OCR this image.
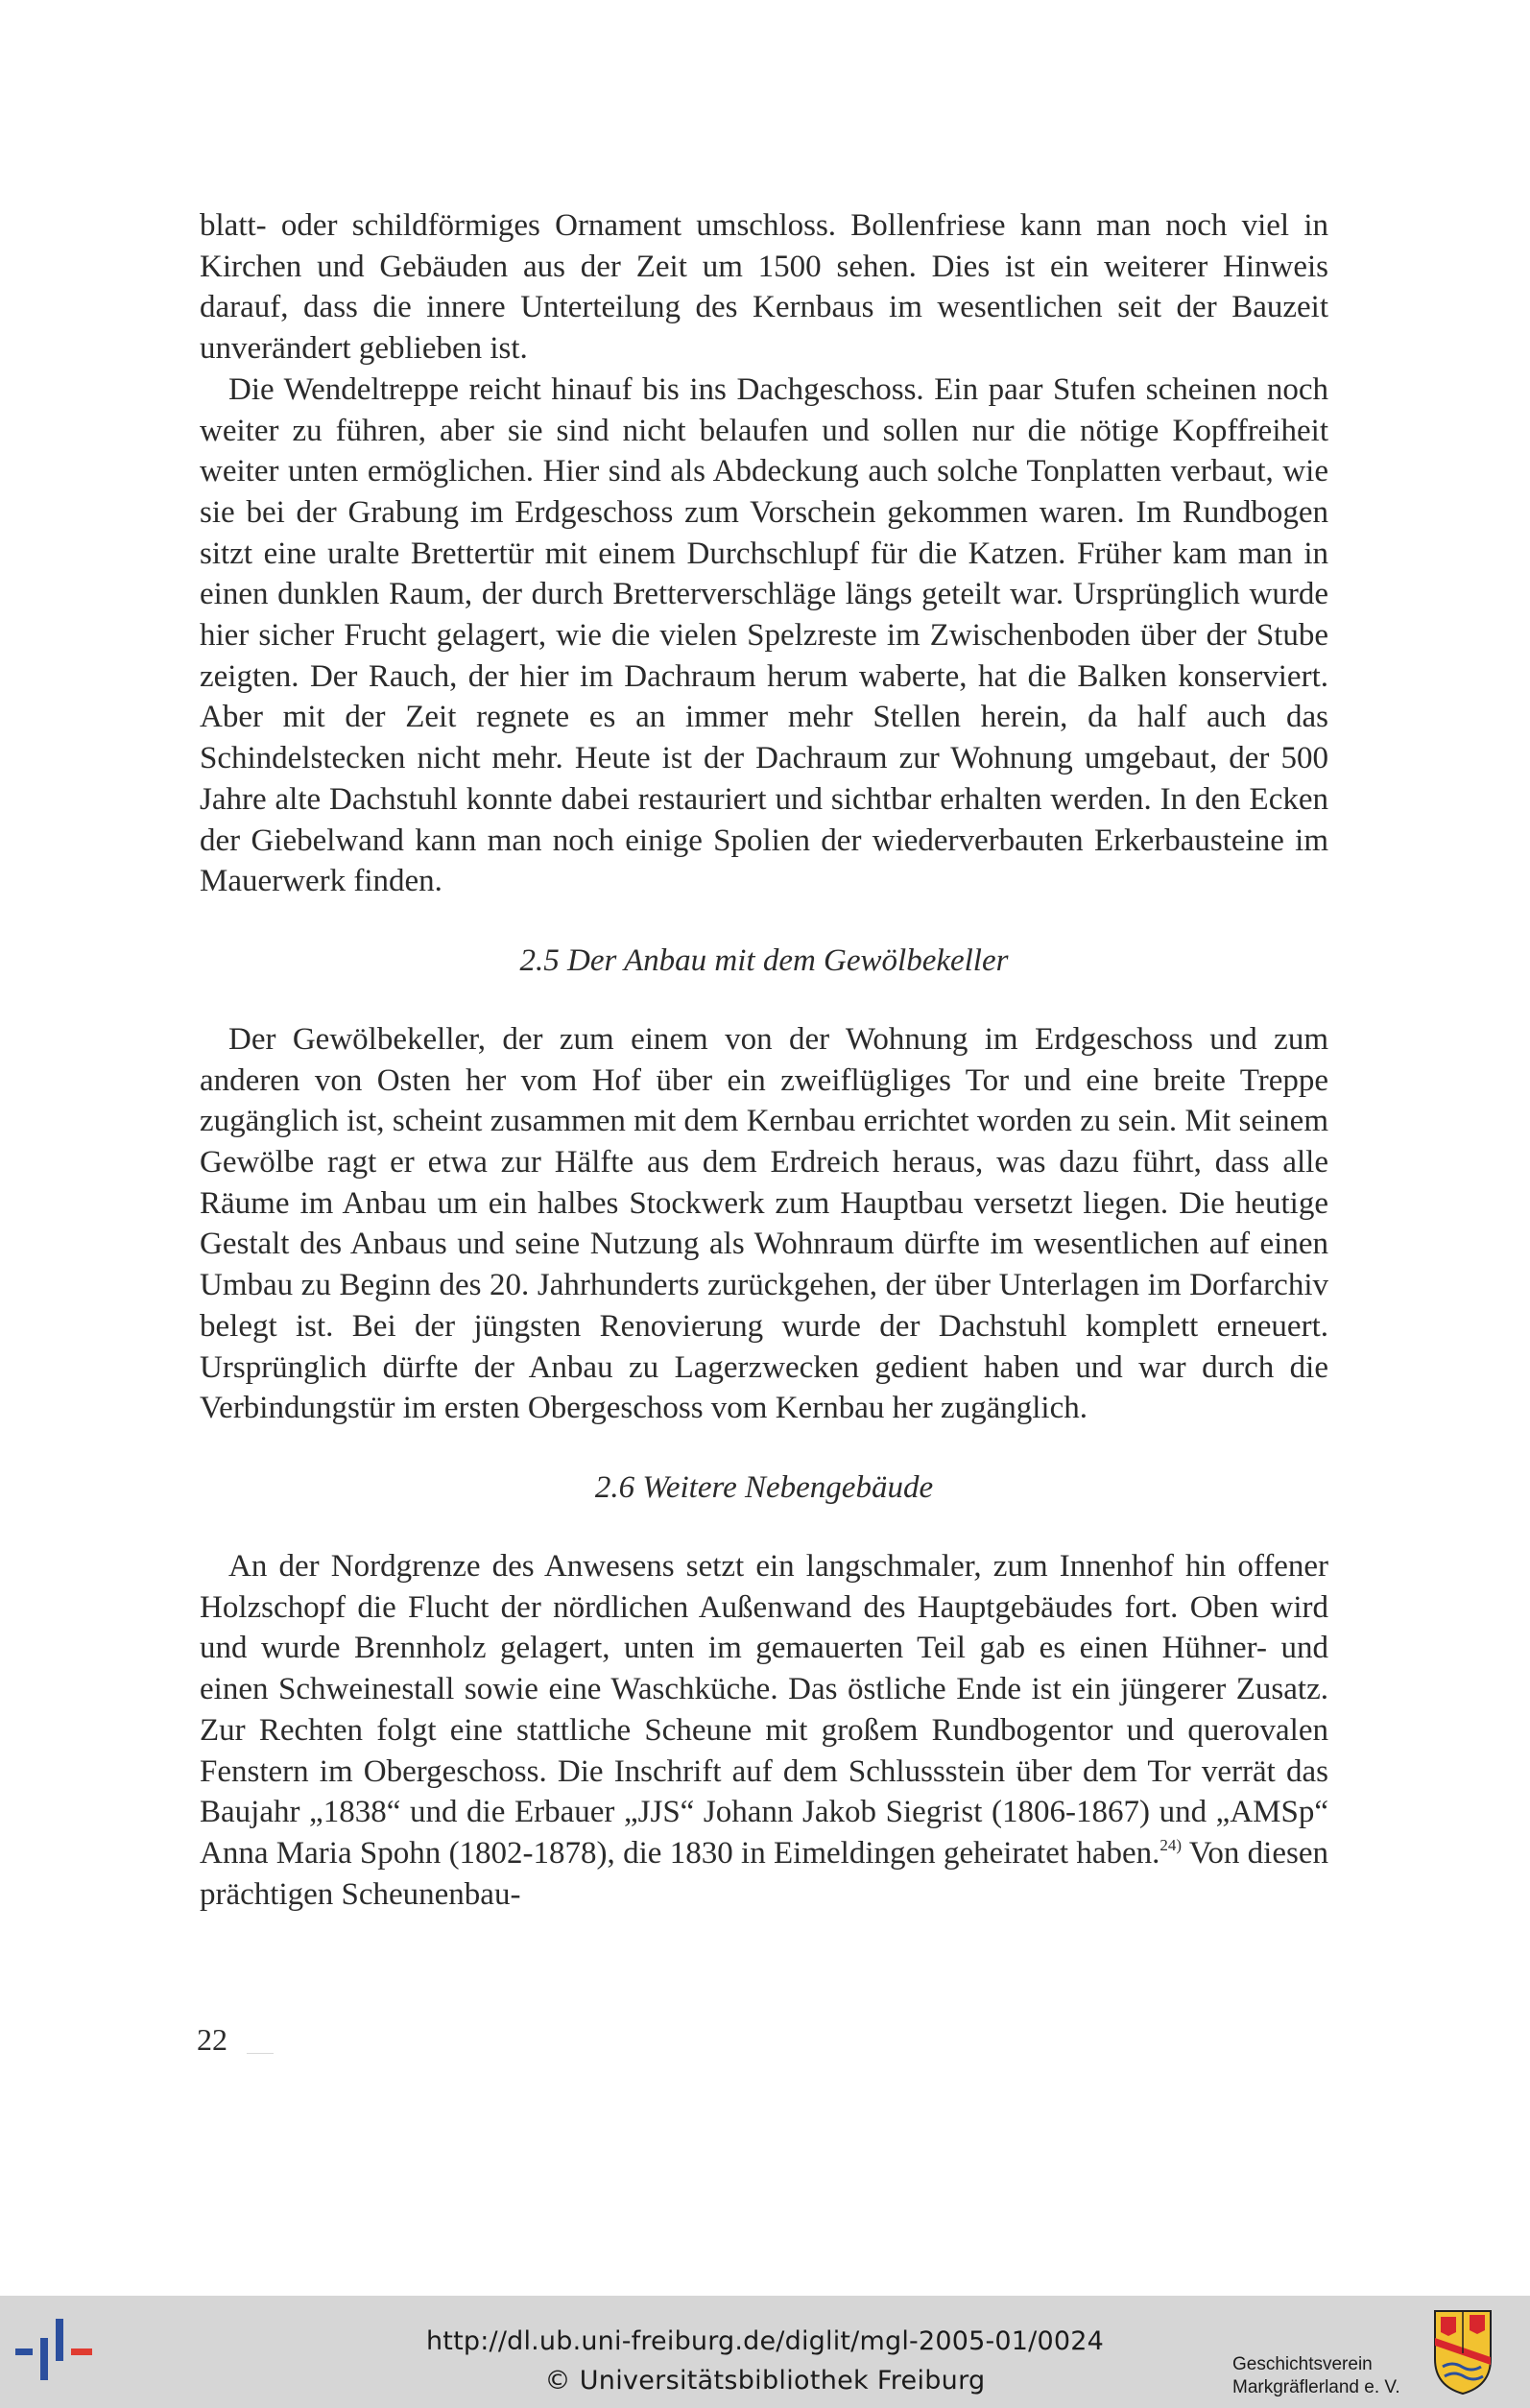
blatt- oder schildförmiges Ornament umschloss. Bollenfriese kann man noch viel in Kirchen und Gebäuden aus der Zeit um 1500 sehen. Dies ist ein weiterer Hinweis darauf, dass die innere Unterteilung des Kernbaus im wesentlichen seit der Bauzeit unverändert geblieben ist.

Die Wendeltreppe reicht hinauf bis ins Dachgeschoss. Ein paar Stufen scheinen noch weiter zu führen, aber sie sind nicht belaufen und sollen nur die nötige Kopffreiheit weiter unten ermöglichen. Hier sind als Abdeckung auch solche Tonplatten verbaut, wie sie bei der Grabung im Erdgeschoss zum Vorschein gekommen waren. Im Rundbogen sitzt eine uralte Brettertür mit einem Durchschlupf für die Katzen. Früher kam man in einen dunklen Raum, der durch Bretterverschläge längs geteilt war. Ursprünglich wurde hier sicher Frucht gelagert, wie die vielen Spelzreste im Zwischenboden über der Stube zeigten. Der Rauch, der hier im Dachraum herum waberte, hat die Balken konserviert. Aber mit der Zeit regnete es an immer mehr Stellen herein, da half auch das Schindelstecken nicht mehr. Heute ist der Dachraum zur Wohnung umgebaut, der 500 Jahre alte Dachstuhl konnte dabei restauriert und sichtbar erhalten werden. In den Ecken der Giebelwand kann man noch einige Spolien der wiederverbauten Erkerbausteine im Mauerwerk finden.

2.5 Der Anbau mit dem Gewölbekeller

Der Gewölbekeller, der zum einem von der Wohnung im Erdgeschoss und zum anderen von Osten her vom Hof über ein zweiflügliges Tor und eine breite Treppe zugänglich ist, scheint zusammen mit dem Kernbau errichtet worden zu sein. Mit seinem Gewölbe ragt er etwa zur Hälfte aus dem Erdreich heraus, was dazu führt, dass alle Räume im Anbau um ein halbes Stockwerk zum Hauptbau versetzt liegen. Die heutige Gestalt des Anbaus und seine Nutzung als Wohnraum dürfte im wesentlichen auf einen Umbau zu Beginn des 20. Jahrhunderts zurückgehen, der über Unterlagen im Dorfarchiv belegt ist. Bei der jüngsten Renovierung wurde der Dachstuhl komplett erneuert. Ursprünglich dürfte der Anbau zu Lagerzwecken gedient haben und war durch die Verbindungstür im ersten Obergeschoss vom Kernbau her zugänglich.

2.6 Weitere Nebengebäude

An der Nordgrenze des Anwesens setzt ein langschmaler, zum Innenhof hin offener Holzschopf die Flucht der nördlichen Außenwand des Hauptgebäudes fort. Oben wird und wurde Brennholz gelagert, unten im gemauerten Teil gab es einen Hühner- und einen Schweinestall sowie eine Waschküche. Das östliche Ende ist ein jüngerer Zusatz. Zur Rechten folgt eine stattliche Scheune mit großem Rundbogentor und querovalen Fenstern im Obergeschoss. Die Inschrift auf dem Schlussstein über dem Tor verrät das Baujahr „1838“ und die Erbauer „JJS“ Johann Jakob Siegrist (1806-1867) und „AMSp“ Anna Maria Spohn (1802-1878), die 1830 in Eimeldingen geheiratet haben.$^{24)}$ Von diesen prächtigen Scheunenbau-

22
http://dl.ub.uni-freiburg.de/diglit/mgl-2005-01/0024
© Universitätsbibliothek Freiburg
Geschichtsverein
Markgräflerland e. V.
